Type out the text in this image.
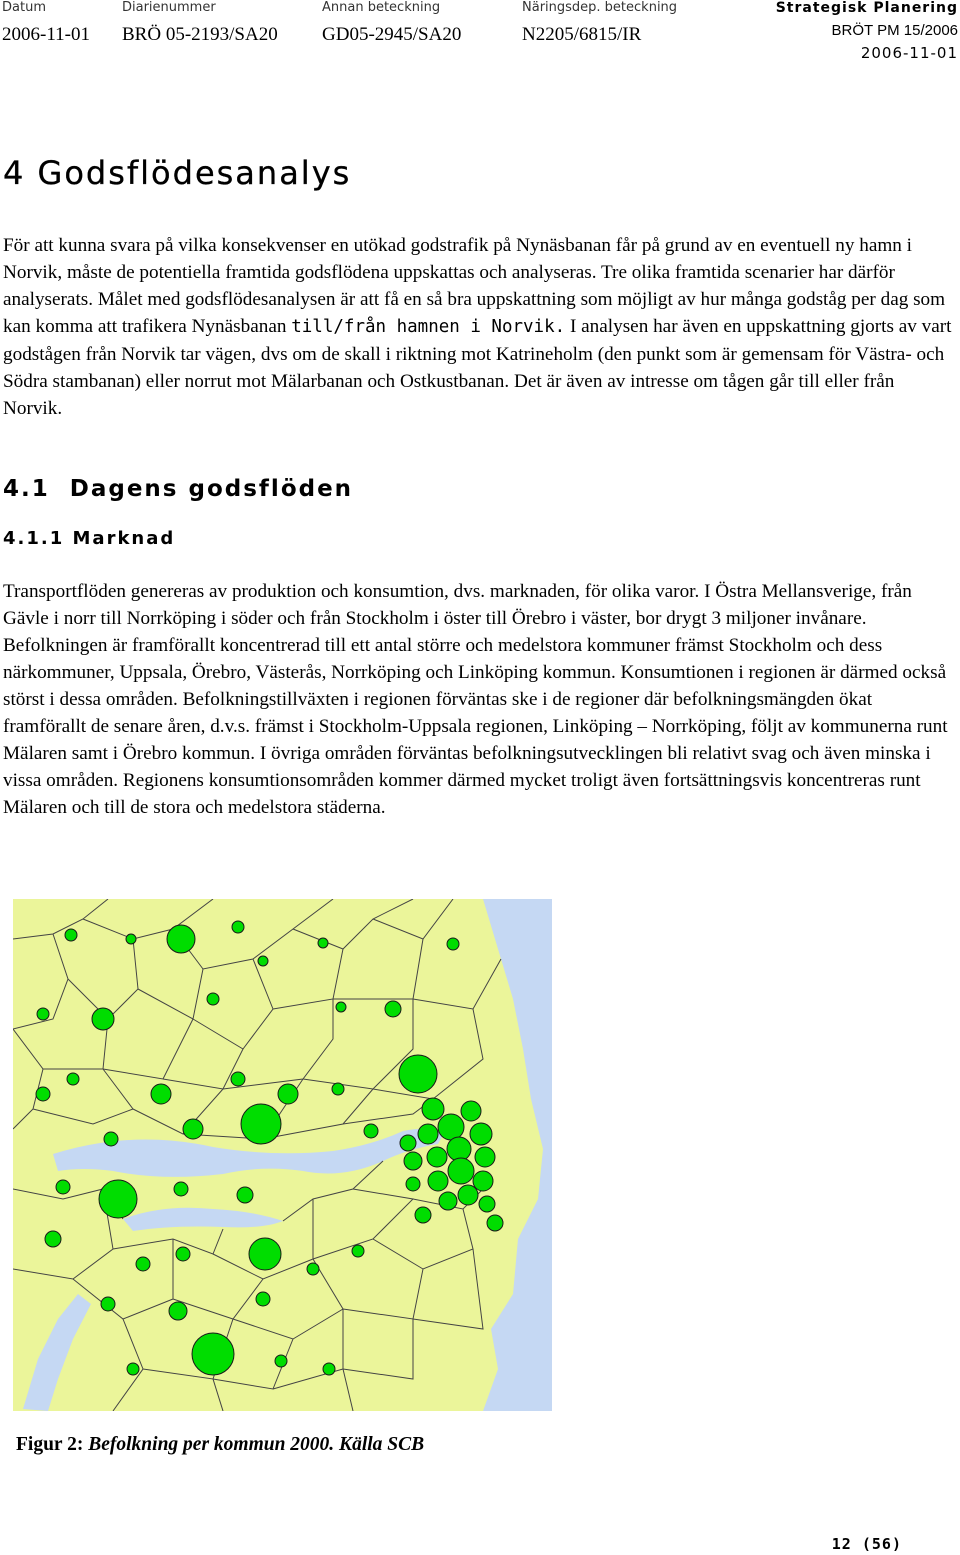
Datum
2006-11-01
Diarienummer
BRÖ 05-2193/SA20
Annan beteckning
GD05-2945/SA20
Näringsdep. beteckning
N2205/6815/IR
Strategisk Planering
BRÖT PM 15/2006
2006-11-01
4 Godsflödesanalys

För att kunna svara på vilka konsekvenser en utökad godstrafik på Nynäsbanan får på grund av en eventuell ny hamn i Norvik, måste de potentiella framtida godsflödena uppskattas och analyseras. Tre olika framtida scenarier har därför analyserats. Målet med godsflödesanalysen är att få en så bra uppskattning som möjligt av hur många godståg per dag som kan komma att trafikera Nynäsbanan till/från hamnen i Norvik. I analysen har även en uppskattning gjorts av vart godstågen från Norvik tar vägen, dvs om de skall i riktning mot Katrineholm (den punkt som är gemensam för Västra- och Södra stambanan) eller norrut mot Mälarbanan och Ostkustbanan. Det är även av intresse om tågen går till eller från Norvik.

4.1  Dagens godsflöden
4.1.1 Marknad

Transportflöden genereras av produktion och konsumtion, dvs. marknaden, för olika varor. I Östra Mellansverige, från Gävle i norr till Norrköping i söder och från Stockholm i öster till Örebro i väster, bor drygt 3 miljoner invånare. Befolkningen är framförallt koncentrerad till ett antal större och medelstora kommuner främst Stockholm och dess närkommuner, Uppsala, Örebro, Västerås, Norrköping och Linköping kommun. Konsumtionen i regionen är därmed också störst i dessa områden. Befolkningstillväxten i regionen förväntas ske i de regioner där befolkningsmängden ökat framförallt de senare åren, d.v.s. främst i Stockholm-Uppsala regionen, Linköping – Norrköping, följt av kommunerna runt Mälaren samt i Örebro kommun. I övriga områden förväntas befolkningsutvecklingen bli relativt svag och även minska i vissa områden. Regionens konsumtionsområden kommer därmed mycket troligt även fortsättningsvis koncentreras runt Mälaren och till de stora och medelstora städerna.

Figur 2: Befolkning per kommun 2000. Källa SCB
12 (56)
